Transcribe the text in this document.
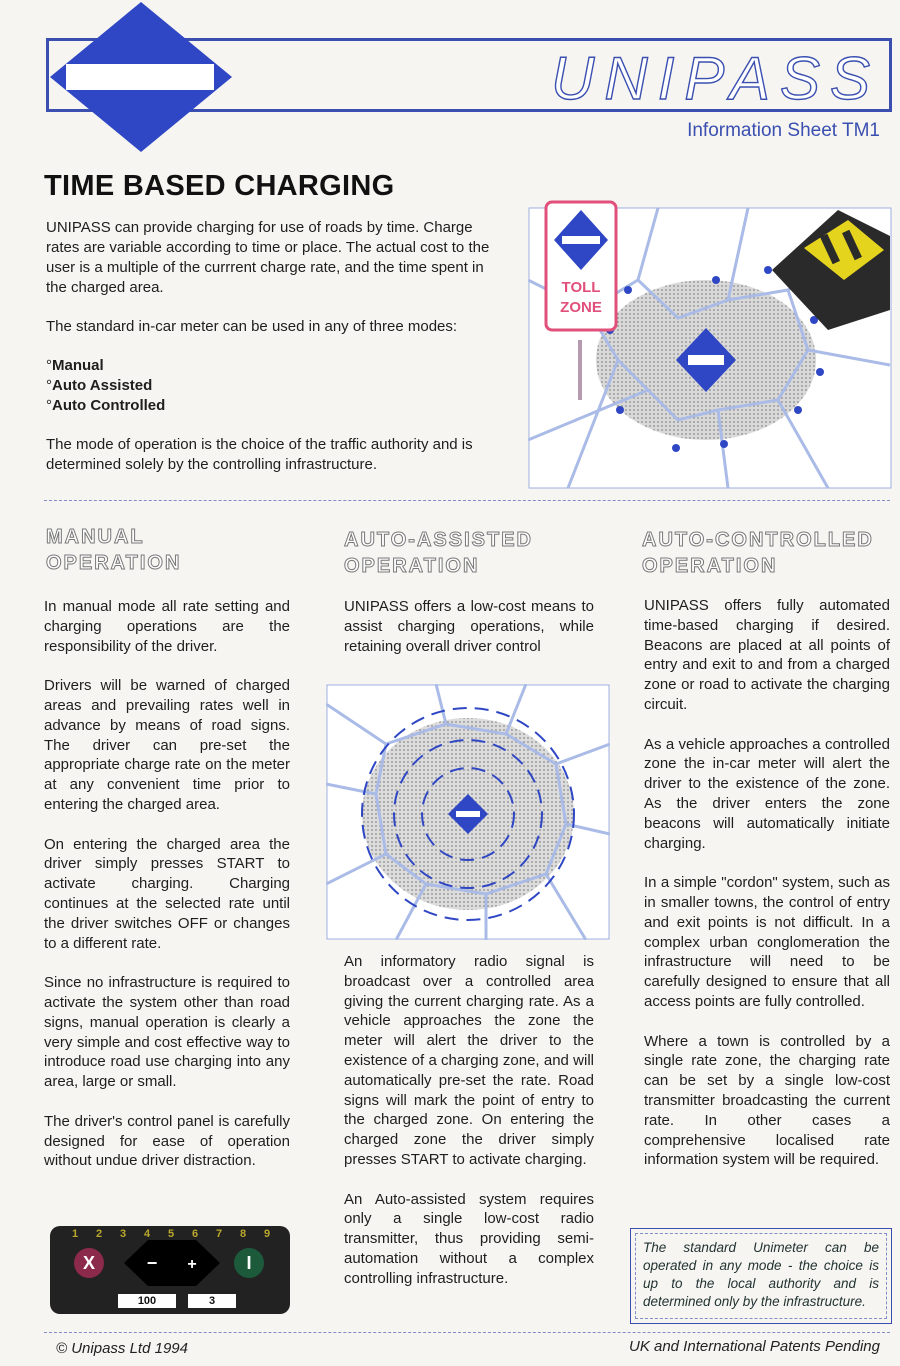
UNIPASS
Information Sheet TM1
TIME BASED CHARGING

UNIPASS can provide charging for use of roads by time. Charge rates are variable according to time or place. The actual cost to the user is a multiple of the currrent charge rate, and the time spent in the charged area.

The standard in-car meter can be used in any of three modes:

° Manual
° Auto Assisted
° Auto Controlled

The mode of operation is the choice of the traffic authority and is determined solely by the controlling infrastructure.

TOLL
ZONE
MANUAL
OPERATION

In manual mode all rate setting and charging operations are the responsibility of the driver.

Drivers will be warned of charged areas and prevailing rates well in advance by means of road signs. The driver can pre-set the appropriate charge rate on the meter at any convenient time prior to entering the charged area.

On entering the charged area the driver simply presses START to activate charging. Charging continues at the selected rate until the driver switches OFF or changes to a different rate.

Since no infrastructure is required to activate the system other than road signs, manual operation is clearly a very simple and cost effective way to introduce road use charging into any area, large or small.

The driver's control panel is carefully designed for ease of operation without undue driver distraction.

1 2 3 4 5 6 7 8 9
X	− +	I
100	3
AUTO-ASSISTED
OPERATION
UNIPASS offers a low-cost means to assist charging operations, while retaining overall driver control

An informatory radio signal is broadcast over a controlled area giving the current charging rate. As a vehicle approaches the zone the meter will alert the driver to the existence of a charging zone, and will automatically pre-set the rate. Road signs will mark the point of entry to the charged zone. On entering the charged zone the driver simply presses START to activate charging.

An Auto-assisted system requires only a single low-cost radio transmitter, thus providing semi-automation without a complex controlling infrastructure.

AUTO-CONTROLLED
OPERATION

UNIPASS offers fully automated time-based charging if desired. Beacons are placed at all points of entry and exit to and from a charged zone or road to activate the charging circuit.

As a vehicle approaches a controlled zone the in-car meter will alert the driver to the existence of the zone. As the driver enters the zone beacons will automatically initiate charging.

In a simple "cordon" system, such as in smaller towns, the control of entry and exit points is not difficult. In a complex urban conglomeration the infrastructure will need to be carefully designed to ensure that all access points are fully controlled.

Where a town is controlled by a single rate zone, the charging rate can be set by a single low-cost transmitter broadcasting the current rate. In other cases a comprehensive localised rate information system will be required.

The standard Unimeter can be operated in any mode - the choice is up to the local authority and is determined only by the infrastructure.
© Unipass Ltd 1994	UK and International Patents Pending
